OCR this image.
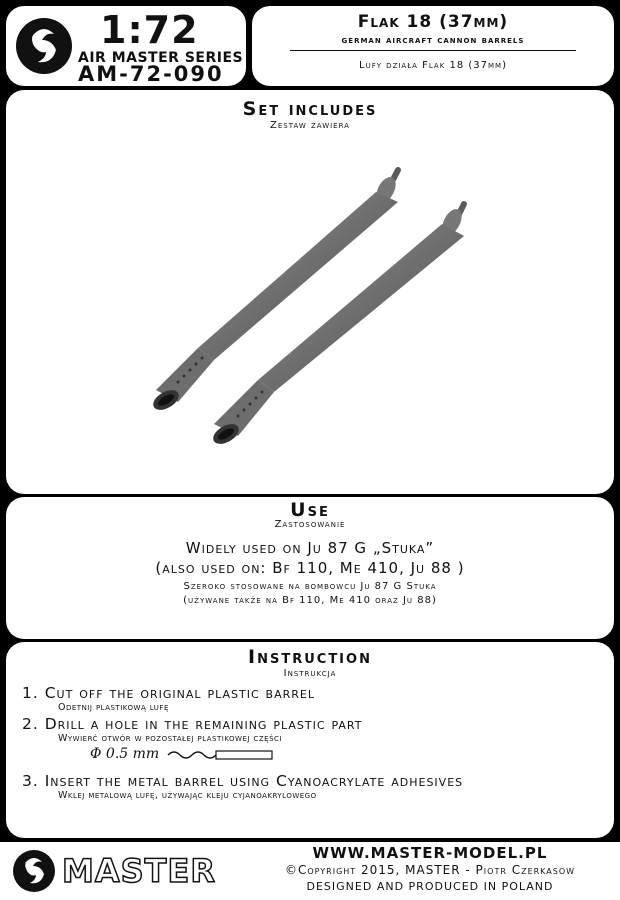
1:72
AIR MASTER SERIES
AM-72-090
Flak 18 (37mm)
german aircraft cannon barrels
Lufy działa Flak 18 (37mm)
Set includes
Zestaw zawiera
Use
Zastosowanie
Widely used on Ju 87 G „Stuka”
(also used on: Bf 110, Me 410, Ju 88 )
Szeroko stosowane na bombowcu Ju 87 G Stuka
(używane także na Bf 110, Me 410 oraz Ju 88)
Instruction
Instrukcja
1. Cut off the original plastic barrel
Odetnij plastikową lufę
2. Drill a hole in the remaining plastic part
Wywierć otwór w pozostałej plastikowej części
Φ 0.5 mm
3. Insert the metal barrel using Cyanoacrylate adhesives
Wklej metalową lufę, używając kleju cyjanoakrylowego
MASTER	WWW.MASTER-MODEL.PL
©Copyright 2015, MASTER - Piotr Czerkasow
DESIGNED AND PRODUCED IN POLAND
